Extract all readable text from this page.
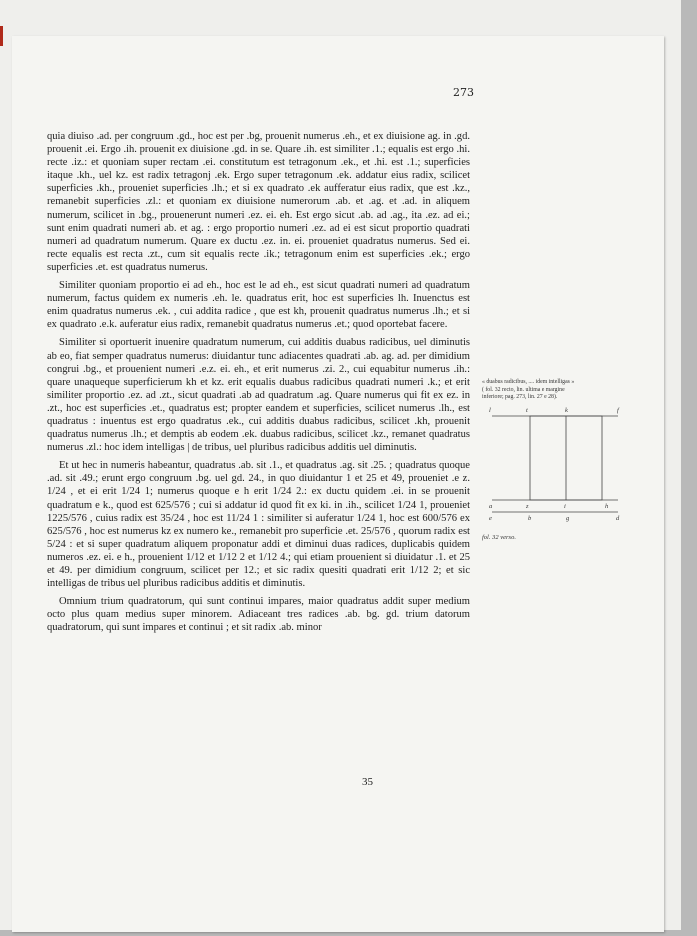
273

quia diuiso .ad. per congruum .gd., hoc est per .bg, prouenit numerus .eh., et ex diuisione ag. in .gd. prouenit .ei. Ergo .ih. prouenit ex diuisione .gd. in se. Quare .ih. est similiter .1.; equalis est ergo .hi. recte .iz.: et quoniam super rectam .ei. constitutum est tetragonum .ek., et .hi. est .1.; superficies itaque .kh., uel kz. est radix tetragonj .ek. Ergo super tetragonum .ek. addatur eius radix, scilicet superficies .kh., proueniet superficies .lh.; et si ex quadrato .ek aufferatur eius radix, que est .kz., remanebit superficies .zl.: et quoniam ex diuisione numerorum .ab. et .ag. et .ad. in aliquem numerum, scilicet in .bg., prouenerunt numeri .ez. ei. eh. Est ergo sicut .ab. ad .ag., ita .ez. ad ei.; sunt enim quadrati numeri ab. et ag. : ergo proportio numeri .ez. ad ei est sicut proportio quadrati numeri ad quadratum numerum. Quare ex ductu .ez. in. ei. proueniet quadratus numerus. Sed ei. recte equalis est recta .zt., cum sit equalis recte .ik.; tetragonum enim est superficies .ek.; ergo superficies .et. est quadratus numerus.

Similiter quoniam proportio ei ad eh., hoc est le ad eh., est sicut quadrati numeri ad quadratum numerum, factus quidem ex numeris .eh. le. quadratus erit, hoc est superficies lh. Inuenctus est enim quadratus numerus .ek. , cui addita radice , que est kh, prouenit quadratus numerus .lh.; et si ex quadrato .e.k. auferatur eius radix, remanebit quadratus numerus .et.; quod oportebat facere.

Similiter si oportuerit inuenire quadratum numerum, cui additis duabus radicibus, uel diminutis ab eo, fiat semper quadratus numerus: diuidantur tunc adiacentes quadrati .ab. ag. ad. per dimidium congrui .bg., et prouenient numeri .e.z. ei. eh., et erit numerus .zi. 2., cui equabitur numerus .ih.: quare unaqueque superficierum kh et kz. erit equalis duabus radicibus quadrati numeri .k.; et erit similiter proportio .ez. ad .zt., sicut quadrati .ab ad quadratum .ag. Quare numerus qui fit ex ez. in .zt., hoc est superficies .et., quadratus est; propter eandem et superficies, scilicet numerus .lh., est quadratus : inuentus est ergo quadratus .ek., cui additis duabus radicibus, scilicet .kh, prouenit quadratus numerus .lh.; et demptis ab eodem .ek. duabus radicibus, scilicet .kz., remanet quadratus numerus .zl.: hoc idem intelligas | de tribus, uel pluribus radicibus additis uel diminutis.

Et ut hec in numeris habeantur, quadratus .ab. sit .1., et quadratus .ag. sit .25. ; quadratus quoque .ad. sit .49.; erunt ergo congruum .bg. uel gd. 24., in quo diuidantur 1 et 25 et 49, proueniet .e z. 1/24 , et ei erit 1/24 1; numerus quoque e h erit 1/24 2.: ex ductu quidem .ei. in se prouenit quadratum e k., quod est 625/576 ; cui si addatur id quod fit ex ki. in .ih., scilicet 1/24 1, proueniet 1225/576 , cuius radix est 35/24 , hoc est 11/24 1 : similiter si auferatur 1/24 1, hoc est 600/576 ex 625/576 , hoc est numerus kz ex numero ke., remanebit pro superficie .et. 25/576 , quorum radix est 5/24 : et si super quadratum aliquem proponatur addi et diminui duas radices, duplicabis quidem numeros .ez. ei. e h., prouenient 1/12 et 1/12 2 et 1/12 4.; qui etiam prouenient si diuidatur .1. et 25 et 49. per dimidium congruum, scilicet per 12.; et sic radix quesiti quadrati erit 1/12 2; et sic intelligas de tribus uel pluribus radicibus additis et diminutis.

Omnium trium quadratorum, qui sunt continui impares, maior quadratus addit super medium octo plus quam medius super minorem. Adiaceant tres radices .ab. bg. gd. trium datorum quadratorum, qui sunt impares et continui ; et sit radix .ab. minor

« duabus radicibus, .... idem intelligas »
( fol. 32 recto, lin. ultima e margine
inferiore; pag. 273, lin. 27 e 28).
l	t	k	f
a	z	i	h
e	b	g	d
fol. 32 verso.
35
